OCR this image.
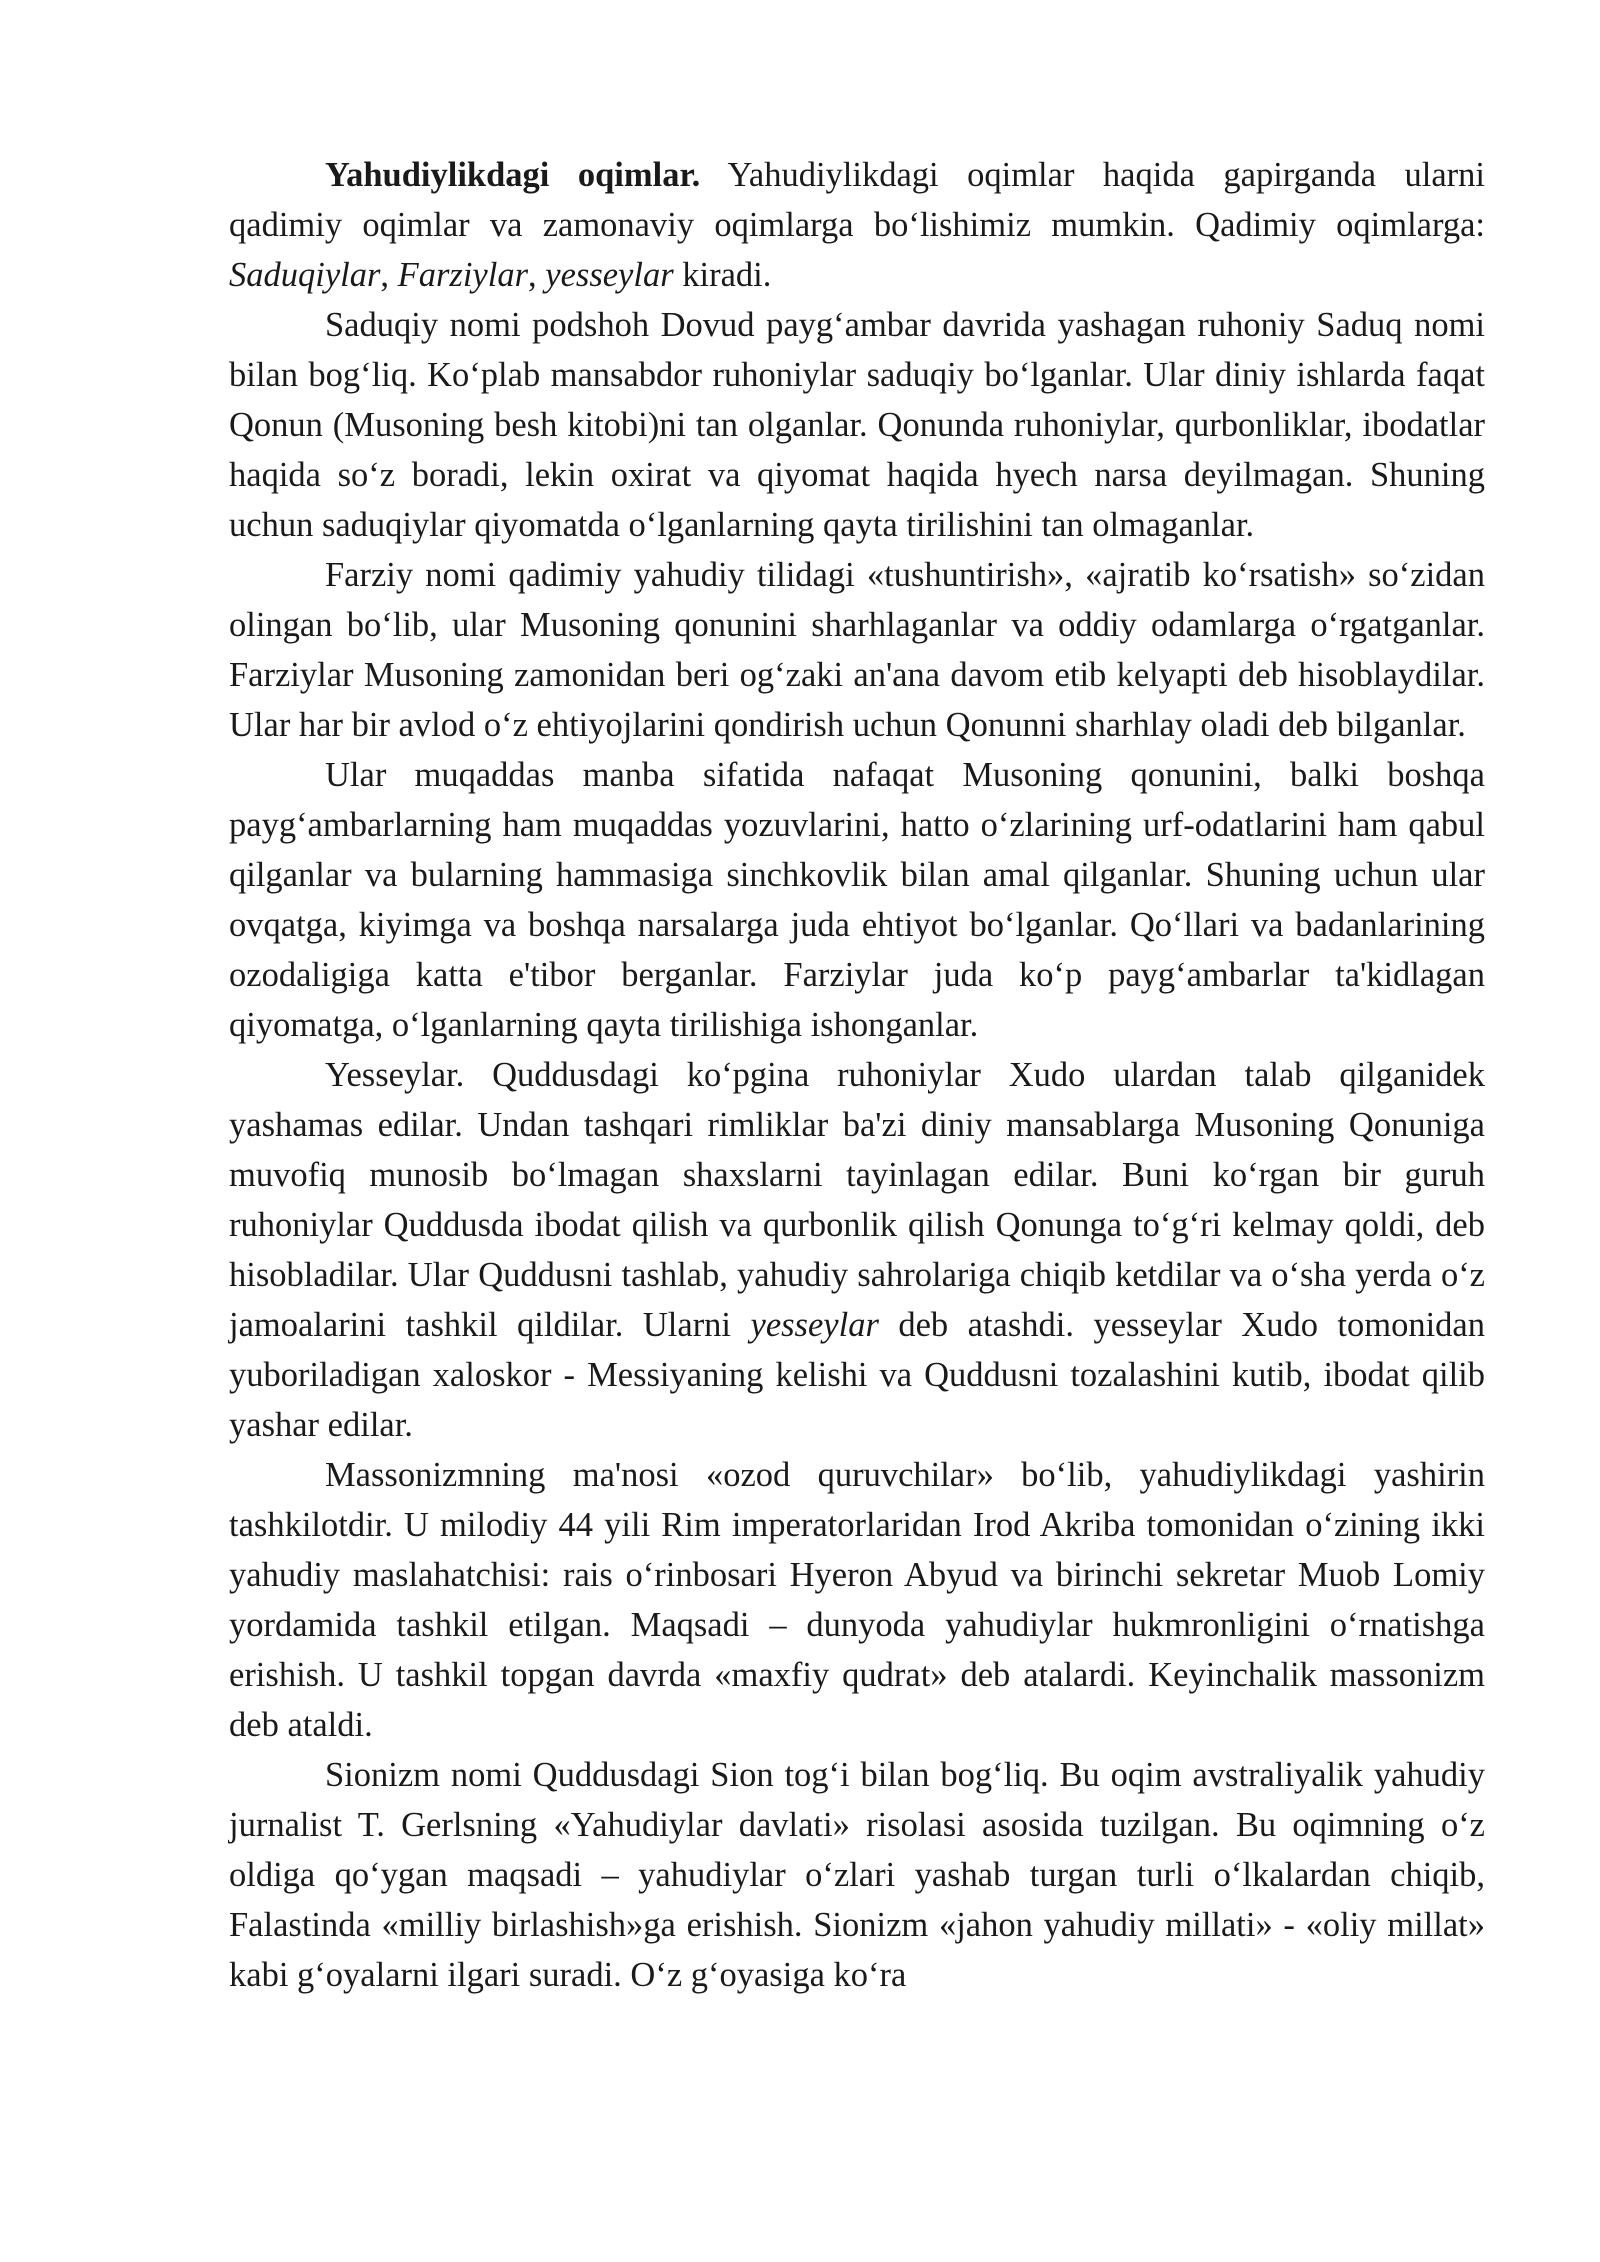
Yahudiylikdagi oqimlar. Yahudiylikdagi oqimlar haqida gapirganda ularni qadimiy oqimlar va zamonaviy oqimlarga bo‘lishimiz mumkin. Qadimiy oqimlarga: Saduqiylar, Farziylar, yesseylar kiradi.

Saduqiy nomi podshoh Dovud payg‘ambar davrida yashagan ruhoniy Saduq nomi bilan bog‘liq. Ko‘plab mansabdor ruhoniylar saduqiy bo‘lganlar. Ular diniy ishlarda faqat Qonun (Musoning besh kitobi)ni tan olganlar. Qonunda ruhoniylar, qurbonliklar, ibodatlar haqida so‘z boradi, lekin oxirat va qiyomat haqida hyech narsa deyilmagan. Shuning uchun saduqiylar qiyomatda o‘lganlarning qayta tirilishini tan olmaganlar.

Farziy nomi qadimiy yahudiy tilidagi «tushuntirish», «ajratib ko‘rsatish» so‘zidan olingan bo‘lib, ular Musoning qonunini sharhlaganlar va oddiy odamlarga o‘rgatganlar. Farziylar Musoning zamonidan beri og‘zaki an'ana davom etib kelyapti deb hisoblaydilar. Ular har bir avlod o‘z ehtiyojlarini qondirish uchun Qonunni sharhlay oladi deb bilganlar.

Ular muqaddas manba sifatida nafaqat Musoning qonunini, balki boshqa payg‘ambarlarning ham muqaddas yozuvlarini, hatto o‘zlarining urf-odatlarini ham qabul qilganlar va bularning hammasiga sinchkovlik bilan amal qilganlar. Shuning uchun ular ovqatga, kiyimga va boshqa narsalarga juda ehtiyot bo‘lganlar. Qo‘llari va badanlarining ozodaligiga katta e'tibor berganlar. Farziylar juda ko‘p payg‘ambarlar ta'kidlagan qiyomatga, o‘lganlarning qayta tirilishiga ishonganlar.

Yesseylar. Quddusdagi ko‘pgina ruhoniylar Xudo ulardan talab qilganidek yashamas edilar. Undan tashqari rimliklar ba'zi diniy mansablarga Musoning Qonuniga muvofiq munosib bo‘lmagan shaxslarni tayinlagan edilar. Buni ko‘rgan bir guruh ruhoniylar Quddusda ibodat qilish va qurbonlik qilish Qonunga to‘g‘ri kelmay qoldi, deb hisobladilar. Ular Quddusni tashlab, yahudiy sahrolariga chiqib ketdilar va o‘sha yerda o‘z jamoalarini tashkil qildilar. Ularni yesseylar deb atashdi. yesseylar Xudo tomonidan yuboriladigan xaloskor - Messiyaning kelishi va Quddusni tozalashini kutib, ibodat qilib yashar edilar.

Massonizmning ma'nosi «ozod quruvchilar» bo‘lib, yahudiylikdagi yashirin tashkilotdir. U milodiy 44 yili Rim imperatorlaridan Irod Akriba tomonidan o‘zining ikki yahudiy maslahatchisi: rais o‘rinbosari Hyeron Abyud va birinchi sekretar Muob Lomiy yordamida tashkil etilgan. Maqsadi – dunyoda yahudiylar hukmronligini o‘rnatishga erishish. U tashkil topgan davrda «maxfiy qudrat» deb atalardi. Keyinchalik massonizm deb ataldi.

Sionizm nomi Quddusdagi Sion tog‘i bilan bog‘liq. Bu oqim avstraliyalik yahudiy jurnalist T. Gerlsning «Yahudiylar davlati» risolasi asosida tuzilgan. Bu oqimning o‘z oldiga qo‘ygan maqsadi – yahudiylar o‘zlari yashab turgan turli o‘lkalardan chiqib, Falastinda «milliy birlashish»ga erishish. Sionizm «jahon yahudiy millati» - «oliy millat» kabi g‘oyalarni ilgari suradi. O‘z g‘oyasiga ko‘ra
